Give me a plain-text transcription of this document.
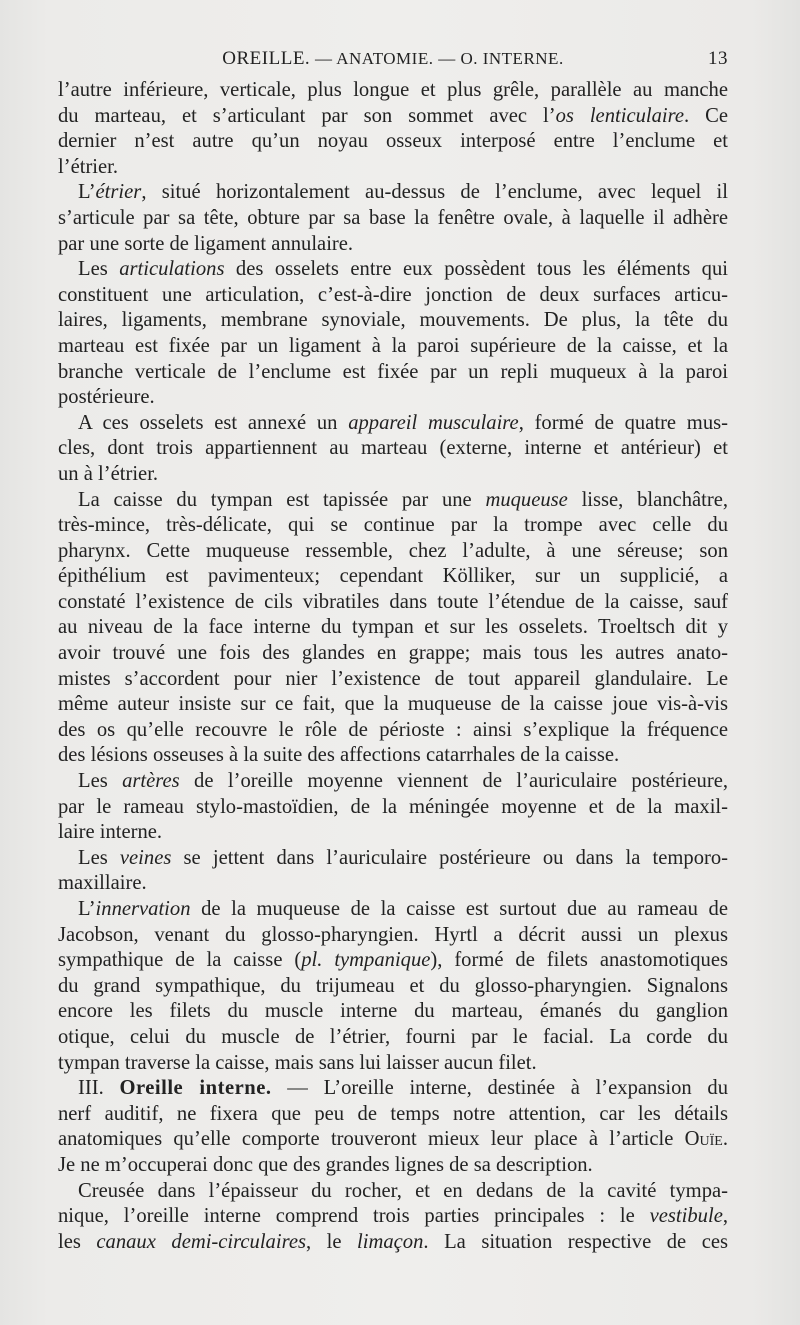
OREILLE. — ANATOMIE. — O. INTERNE.	13

l’autre inférieure, verticale, plus longue et plus grêle, parallèle au manche

du marteau, et s’articulant par son sommet avec l’os lenticulaire. Ce

dernier n’est autre qu’un noyau osseux interposé entre l’enclume et

l’étrier.

L’étrier, situé horizontalement au-dessus de l’enclume, avec lequel il

s’articule par sa tête, obture par sa base la fenêtre ovale, à laquelle il adhère

par une sorte de ligament annulaire.

Les articulations des osselets entre eux possèdent tous les éléments qui

constituent une articulation, c’est-à-dire jonction de deux surfaces articu-

laires, ligaments, membrane synoviale, mouvements. De plus, la tête du

marteau est fixée par un ligament à la paroi supérieure de la caisse, et la

branche verticale de l’enclume est fixée par un repli muqueux à la paroi

postérieure.

A ces osselets est annexé un appareil musculaire, formé de quatre mus-

cles, dont trois appartiennent au marteau (externe, interne et antérieur) et

un à l’étrier.

La caisse du tympan est tapissée par une muqueuse lisse, blanchâtre,

très-mince, très-délicate, qui se continue par la trompe avec celle du

pharynx. Cette muqueuse ressemble, chez l’adulte, à une séreuse; son

épithélium est pavimenteux; cependant Kölliker, sur un supplicié, a

constaté l’existence de cils vibratiles dans toute l’étendue de la caisse, sauf

au niveau de la face interne du tympan et sur les osselets. Troeltsch dit y

avoir trouvé une fois des glandes en grappe; mais tous les autres anato-

mistes s’accordent pour nier l’existence de tout appareil glandulaire. Le

même auteur insiste sur ce fait, que la muqueuse de la caisse joue vis-à-vis

des os qu’elle recouvre le rôle de périoste : ainsi s’explique la fréquence

des lésions osseuses à la suite des affections catarrhales de la caisse.

Les artères de l’oreille moyenne viennent de l’auriculaire postérieure,

par le rameau stylo-mastoïdien, de la méningée moyenne et de la maxil-

laire interne.

Les veines se jettent dans l’auriculaire postérieure ou dans la temporo-

maxillaire.

L’innervation de la muqueuse de la caisse est surtout due au rameau de

Jacobson, venant du glosso-pharyngien. Hyrtl a décrit aussi un plexus

sympathique de la caisse (pl. tympanique), formé de filets anastomotiques

du grand sympathique, du trijumeau et du glosso-pharyngien. Signalons

encore les filets du muscle interne du marteau, émanés du ganglion

otique, celui du muscle de l’étrier, fourni par le facial. La corde du

tympan traverse la caisse, mais sans lui laisser aucun filet.

III. Oreille interne. — L’oreille interne, destinée à l’expansion du

nerf auditif, ne fixera que peu de temps notre attention, car les détails

anatomiques qu’elle comporte trouveront mieux leur place à l’article Ouïe.

Je ne m’occuperai donc que des grandes lignes de sa description.

Creusée dans l’épaisseur du rocher, et en dedans de la cavité tympa-

nique, l’oreille interne comprend trois parties principales : le vestibule,

les canaux demi-circulaires, le limaçon. La situation respective de ces
